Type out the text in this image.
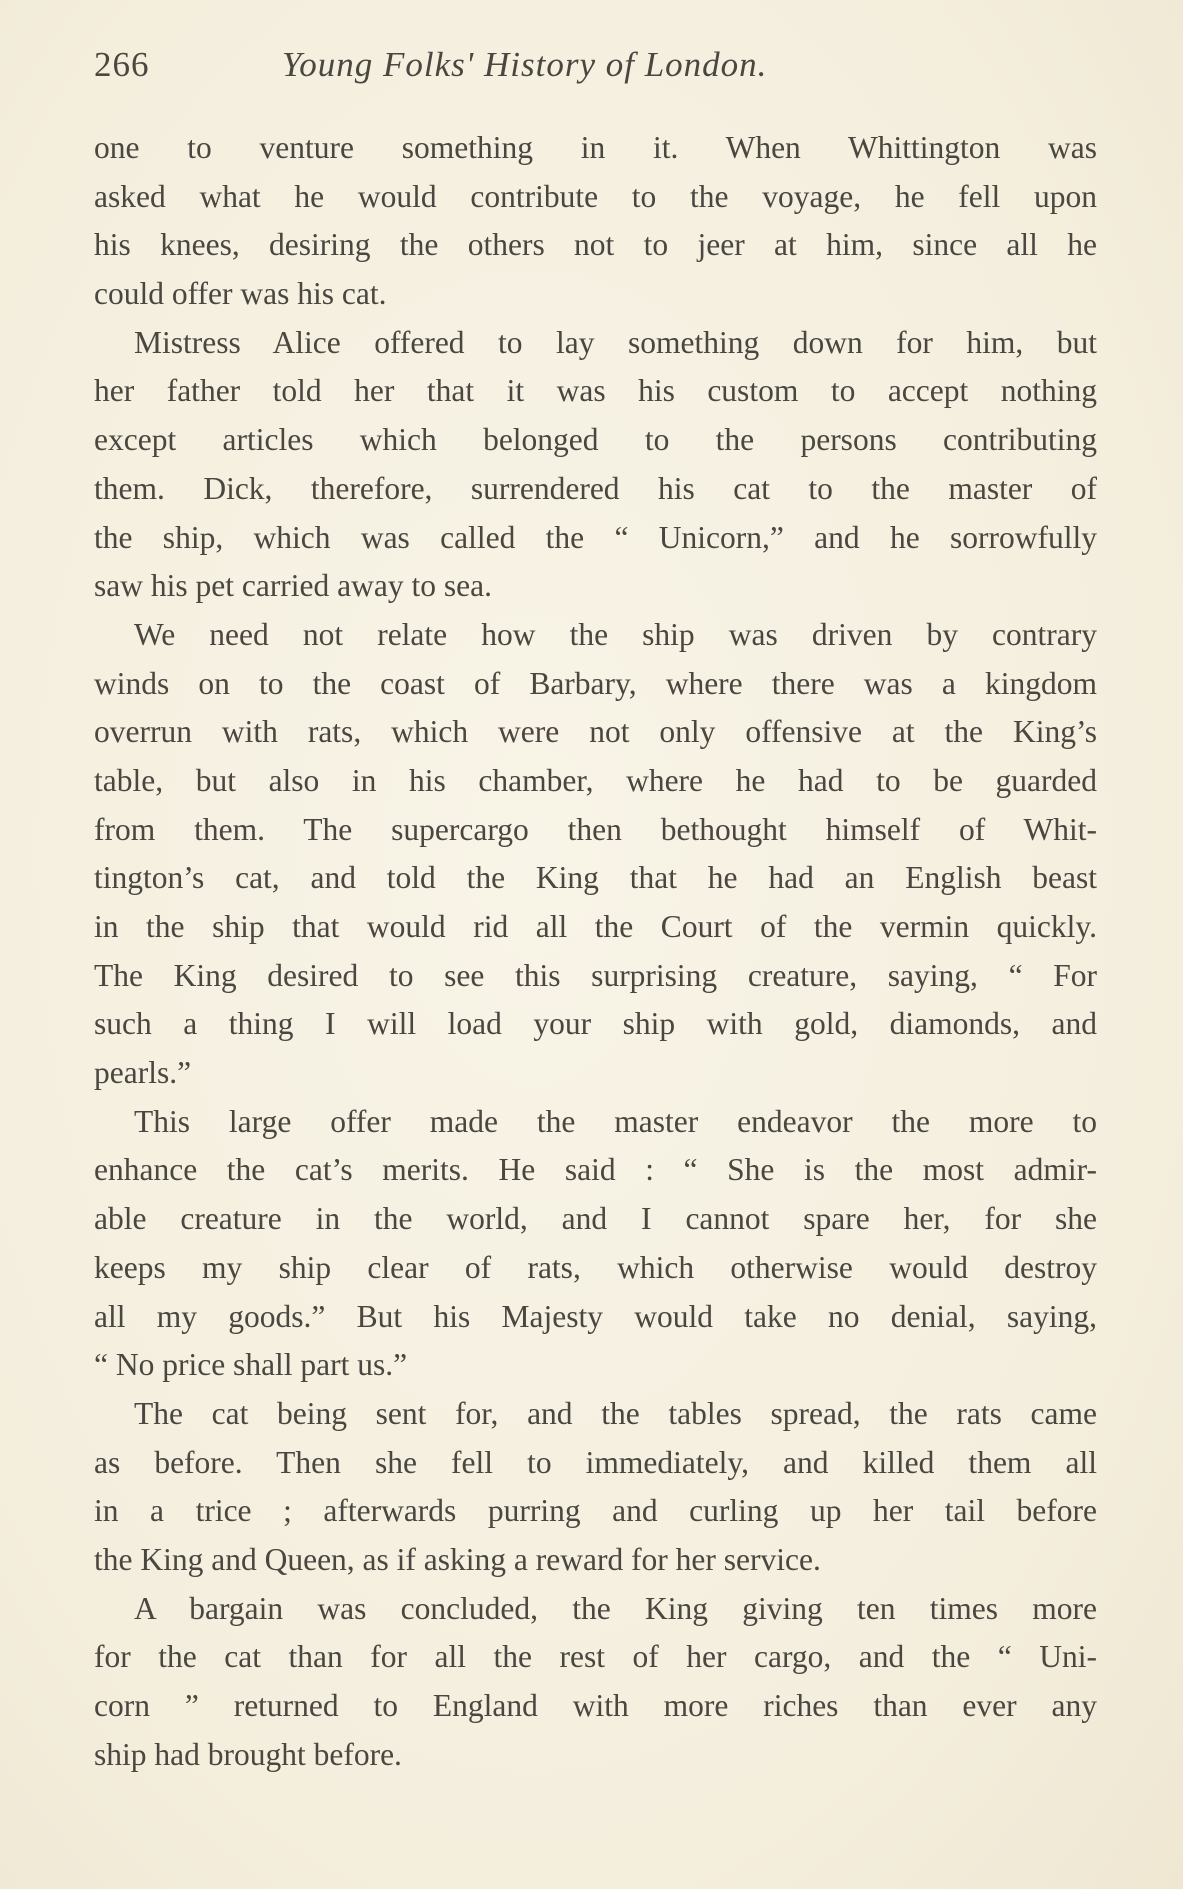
266	Young Folks' History of London.
one to venture something in it. When Whittington was
asked what he would contribute to the voyage, he fell upon
his knees, desiring the others not to jeer at him, since all he
could offer was his cat.
Mistress Alice offered to lay something down for him, but
her father told her that it was his custom to accept nothing
except articles which belonged to the persons contributing
them. Dick, therefore, surrendered his cat to the master of
the ship, which was called the “ Unicorn,” and he sorrowfully
saw his pet carried away to sea.
We need not relate how the ship was driven by contrary
winds on to the coast of Barbary, where there was a kingdom
overrun with rats, which were not only offensive at the King’s
table, but also in his chamber, where he had to be guarded
from them. The supercargo then bethought himself of Whit-
tington’s cat, and told the King that he had an English beast
in the ship that would rid all the Court of the vermin quickly.
The King desired to see this surprising creature, saying, “ For
such a thing I will load your ship with gold, diamonds, and
pearls.”
This large offer made the master endeavor the more to
enhance the cat’s merits. He said : “ She is the most admir-
able creature in the world, and I cannot spare her, for she
keeps my ship clear of rats, which otherwise would destroy
all my goods.” But his Majesty would take no denial, saying,
“ No price shall part us.”
The cat being sent for, and the tables spread, the rats came
as before. Then she fell to immediately, and killed them all
in a trice ; afterwards purring and curling up her tail before
the King and Queen, as if asking a reward for her service.
A bargain was concluded, the King giving ten times more
for the cat than for all the rest of her cargo, and the “ Uni-
corn ” returned to England with more riches than ever any
ship had brought before.
